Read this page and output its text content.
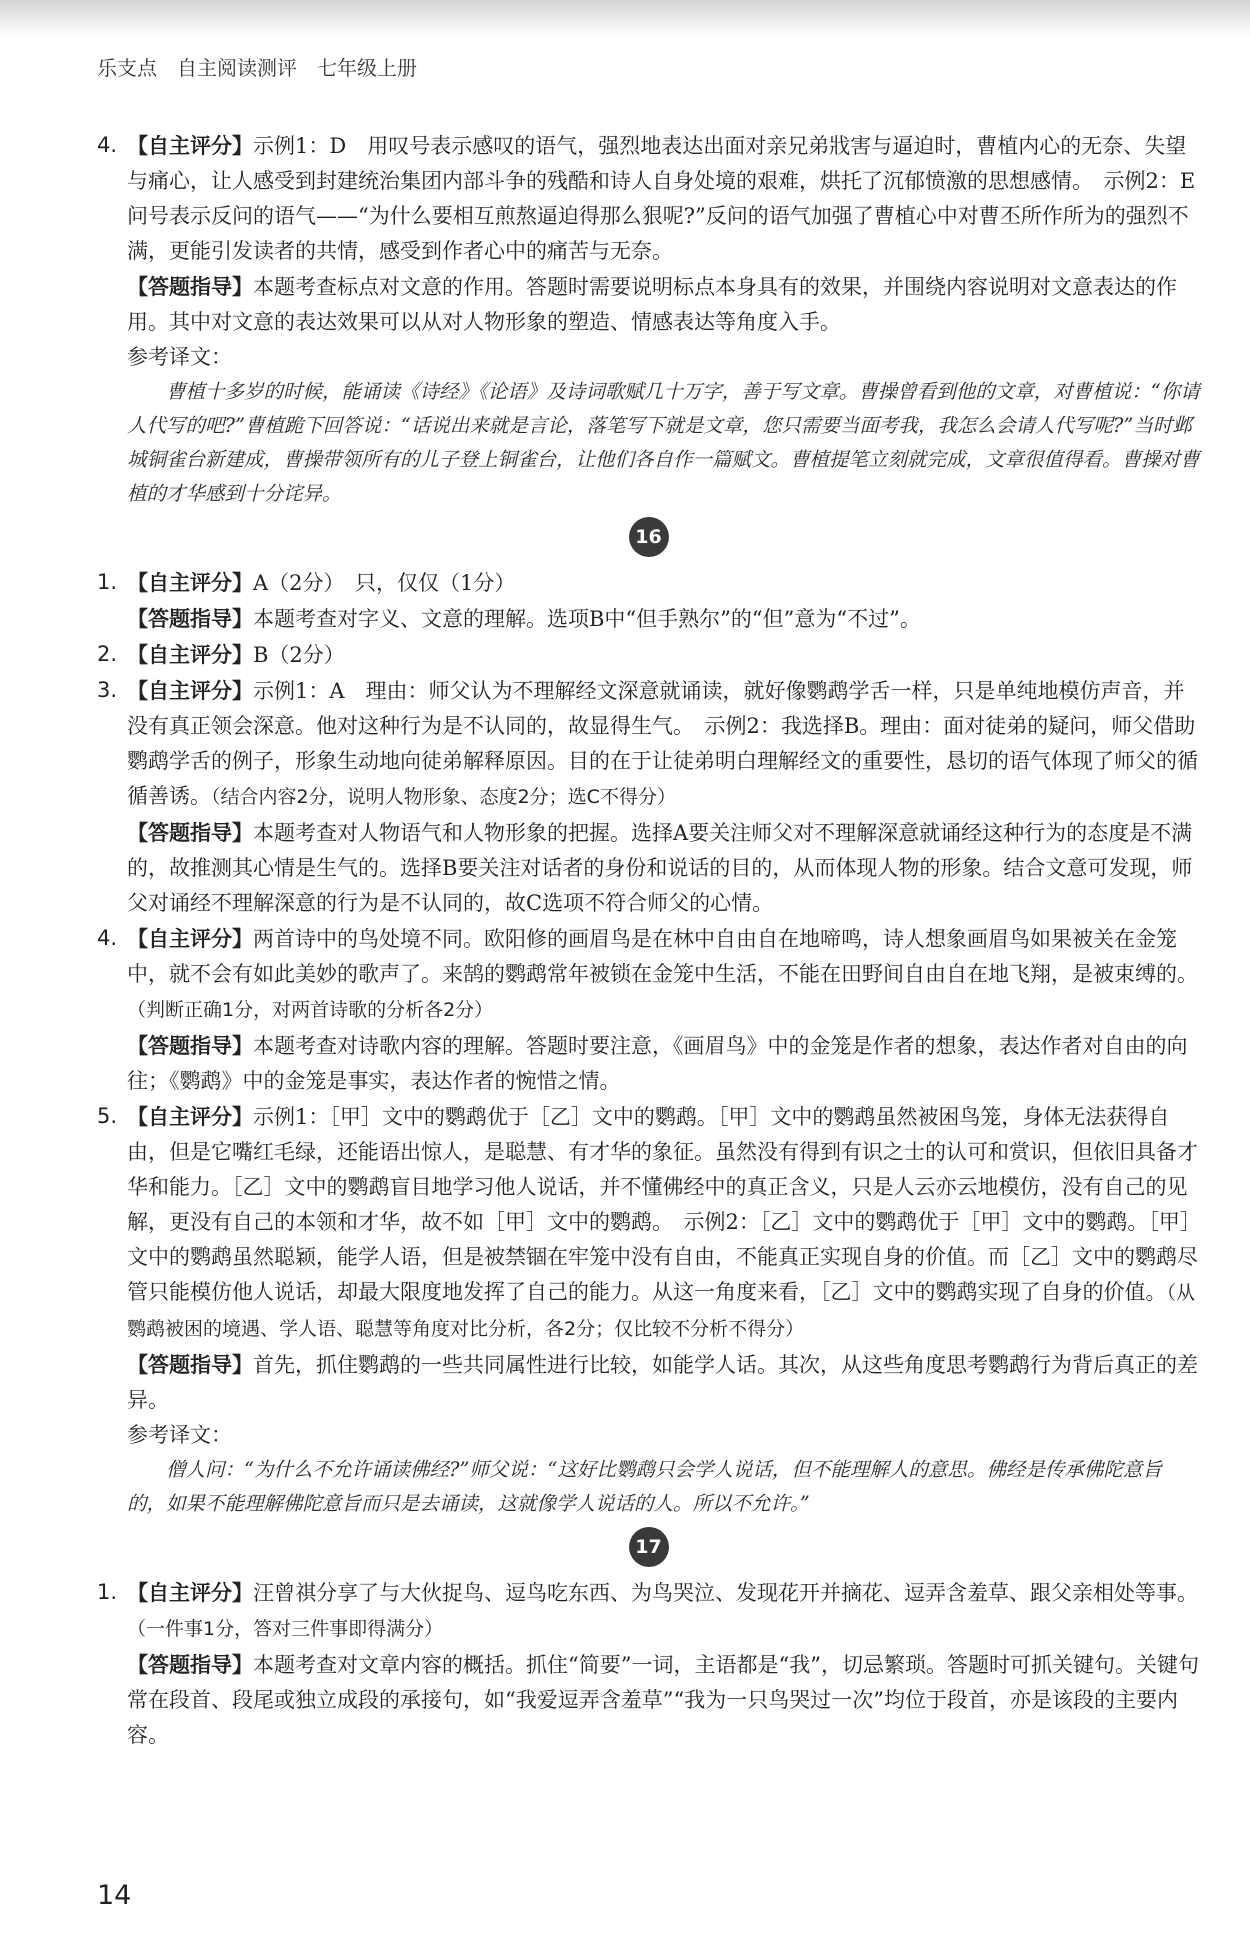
乐支点　自主阅读测评　七年级上册

4. 【自主评分】示例1：D　用叹号表示感叹的语气，强烈地表达出面对亲兄弟戕害与逼迫时，曹植内心的无奈、失望与痛心，让人感受到封建统治集团内部斗争的残酷和诗人自身处境的艰难，烘托了沉郁愤激的思想感情。　示例2：E　问号表示反问的语气——“为什么要相互煎熬逼迫得那么狠呢?”反问的语气加强了曹植心中对曹丕所作所为的强烈不满，更能引发读者的共情，感受到作者心中的痛苦与无奈。

【答题指导】本题考查标点对文意的作用。答题时需要说明标点本身具有的效果，并围绕内容说明对文意表达的作用。其中对文意的表达效果可以从对人物形象的塑造、情感表达等角度入手。

参考译文：

曹植十多岁的时候，能诵读《诗经》《论语》及诗词歌赋几十万字，善于写文章。曹操曾看到他的文章，对曹植说：“你请人代写的吧?”曹植跪下回答说：“话说出来就是言论，落笔写下就是文章，您只需要当面考我，我怎么会请人代写呢?”当时邺城铜雀台新建成，曹操带领所有的儿子登上铜雀台，让他们各自作一篇赋文。曹植提笔立刻就完成，文章很值得看。曹操对曹植的才华感到十分诧异。

16

1. 【自主评分】A（2分）　只，仅仅（1分）

【答题指导】本题考查对字义、文意的理解。选项B中“但手熟尔”的“但”意为“不过”。

2. 【自主评分】B（2分）

3. 【自主评分】示例1：A　理由：师父认为不理解经文深意就诵读，就好像鹦鹉学舌一样，只是单纯地模仿声音，并没有真正领会深意。他对这种行为是不认同的，故显得生气。　示例2：我选择B。理由：面对徒弟的疑问，师父借助鹦鹉学舌的例子，形象生动地向徒弟解释原因。目的在于让徒弟明白理解经文的重要性，恳切的语气体现了师父的循循善诱。（结合内容2分，说明人物形象、态度2分；选C不得分）

【答题指导】本题考查对人物语气和人物形象的把握。选择A要关注师父对不理解深意就诵经这种行为的态度是不满的，故推测其心情是生气的。选择B要关注对话者的身份和说话的目的，从而体现人物的形象。结合文意可发现，师父对诵经不理解深意的行为是不认同的，故C选项不符合师父的心情。

4. 【自主评分】两首诗中的鸟处境不同。欧阳修的画眉鸟是在林中自由自在地啼鸣，诗人想象画眉鸟如果被关在金笼中，就不会有如此美妙的歌声了。来鹄的鹦鹉常年被锁在金笼中生活，不能在田野间自由自在地飞翔，是被束缚的。（判断正确1分，对两首诗歌的分析各2分）

【答题指导】本题考查对诗歌内容的理解。答题时要注意，《画眉鸟》中的金笼是作者的想象，表达作者对自由的向往；《鹦鹉》中的金笼是事实，表达作者的惋惜之情。

5. 【自主评分】示例1：［甲］文中的鹦鹉优于［乙］文中的鹦鹉。［甲］文中的鹦鹉虽然被困鸟笼，身体无法获得自由，但是它嘴红毛绿，还能语出惊人，是聪慧、有才华的象征。虽然没有得到有识之士的认可和赏识，但依旧具备才华和能力。［乙］文中的鹦鹉盲目地学习他人说话，并不懂佛经中的真正含义，只是人云亦云地模仿，没有自己的见解，更没有自己的本领和才华，故不如［甲］文中的鹦鹉。　示例2：［乙］文中的鹦鹉优于［甲］文中的鹦鹉。［甲］文中的鹦鹉虽然聪颖，能学人语，但是被禁锢在牢笼中没有自由，不能真正实现自身的价值。而［乙］文中的鹦鹉尽管只能模仿他人说话，却最大限度地发挥了自己的能力。从这一角度来看，［乙］文中的鹦鹉实现了自身的价值。（从鹦鹉被困的境遇、学人语、聪慧等角度对比分析，各2分；仅比较不分析不得分）

【答题指导】首先，抓住鹦鹉的一些共同属性进行比较，如能学人话。其次，从这些角度思考鹦鹉行为背后真正的差异。

参考译文：

僧人问：“为什么不允许诵读佛经?”师父说：“这好比鹦鹉只会学人说话，但不能理解人的意思。佛经是传承佛陀意旨的，如果不能理解佛陀意旨而只是去诵读，这就像学人说话的人。所以不允许。”

17

1. 【自主评分】汪曾祺分享了与大伙捉鸟、逗鸟吃东西、为鸟哭泣、发现花开并摘花、逗弄含羞草、跟父亲相处等事。（一件事1分，答对三件事即得满分）

【答题指导】本题考查对文章内容的概括。抓住“简要”一词，主语都是“我”，切忌繁琐。答题时可抓关键句。关键句常在段首、段尾或独立成段的承接句，如“我爱逗弄含羞草”“我为一只鸟哭过一次”均位于段首，亦是该段的主要内容。

14
